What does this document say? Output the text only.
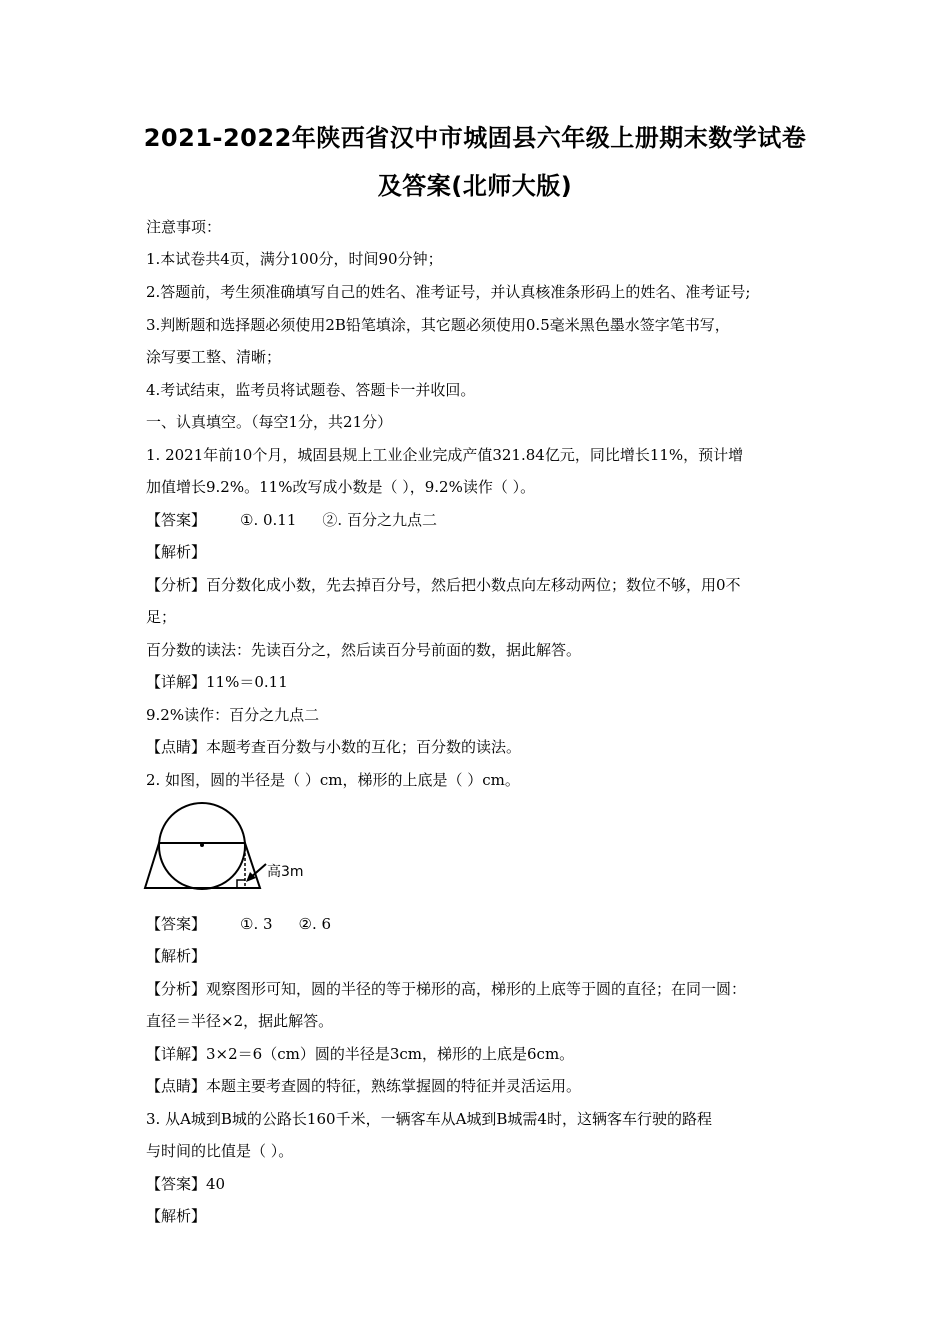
2021-2022年陕西省汉中市城固县六年级上册期末数学试卷
及答案(北师大版)
注意事项：
1.本试卷共4页，满分100分，时间90分钟；
2.答题前，考生须准确填写自己的姓名、准考证号，并认真核准条形码上的姓名、准考证号;
3.判断题和选择题必须使用2B铅笔填涂，其它题必须使用0.5毫米黑色墨水签字笔书写，
涂写要工整、清晰；
4.考试结束，监考员将试题卷、答题卡一并收回。
一、认真填空。（每空1分，共21分）
1. 2021年前10个月，城固县规上工业企业完成产值321.84亿元，同比增长11%，预计增
加值增长9.2%。11%改写成小数是（ ），9.2%读作（ ）。
【答案】 ①. 0.11 ②. 百分之九点二
【解析】
【分析】百分数化成小数，先去掉百分号，然后把小数点向左移动两位；数位不够，用0不
足；
百分数的读法：先读百分之，然后读百分号前面的数，据此解答。
【详解】11%＝0.11
9.2%读作：百分之九点二
【点睛】本题考查百分数与小数的互化；百分数的读法。
2. 如图，圆的半径是（ ）cm，梯形的上底是（ ）cm。
高3m
【答案】 ①. 3 ②. 6
【解析】
【分析】观察图形可知，圆的半径的等于梯形的高，梯形的上底等于圆的直径；在同一圆：
直径＝半径×2，据此解答。
【详解】3×2＝6（cm）圆的半径是3cm，梯形的上底是6cm。
【点睛】本题主要考查圆的特征，熟练掌握圆的特征并灵活运用。
3. 从A城到B城的公路长160千米，一辆客车从A城到B城需4时，这辆客车行驶的路程
与时间的比值是（ ）。
【答案】40
【解析】
